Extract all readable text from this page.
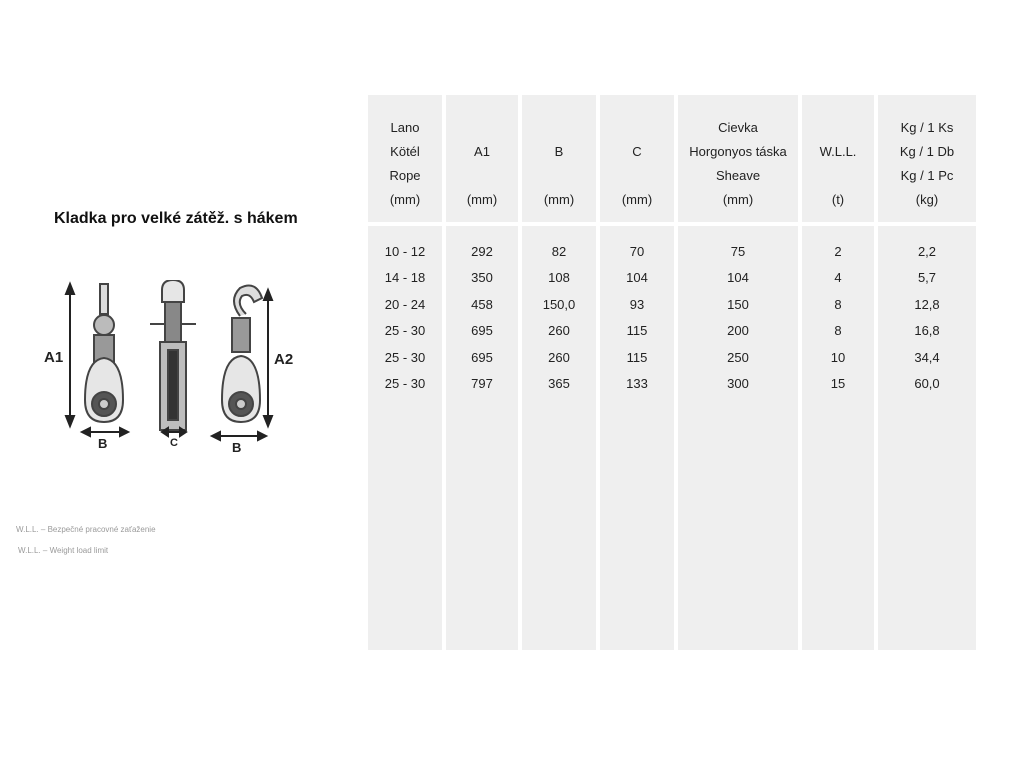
Kladka pro velké zátěž. s hákem
A1
B	C
A2
B
W.L.L. – Bezpečné pracovné zaťaženie
W.L.L. – Weight load limit
Lano
Kötél
Rope
(mm)
10 - 12
14 - 18
20 - 24
25 - 30
25 - 30
25 - 30
A1
(mm)
292
350
458
695
695
797
B
(mm)
82
108
150,0
260
260
365
C
(mm)
70
104
93
115
115
133
Cievka
Horgonyos táska
Sheave
(mm)
75
104
150
200
250
300
W.L.L.
(t)
2
4
8
8
10
15
Kg / 1 Ks
Kg / 1 Db
Kg / 1 Pc
(kg)
2,2
5,7
12,8
16,8
34,4
60,0
